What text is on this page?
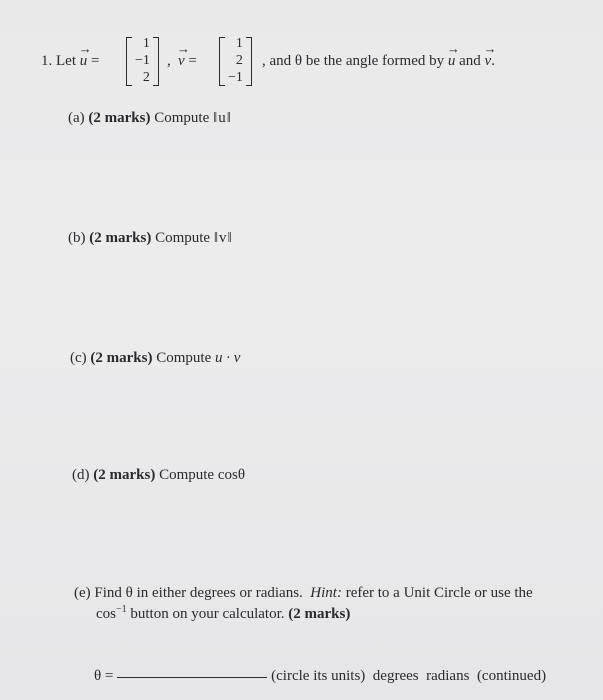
1. Let → u =
1
−1
2
, → v =
1
2
−1
, and θ be the angle formed by → u and → v.
(a) (2 marks) Compute ‖u‖
(b) (2 marks) Compute ‖v‖
(c) (2 marks) Compute u · v
(d) (2 marks) Compute cosθ
(e) Find θ in either degrees or radians. Hint: refer to a Unit Circle or use the
$\cos^{-1}$ button on your calculator. (2 marks)
θ =	(circle its units) degrees radians (continued)
